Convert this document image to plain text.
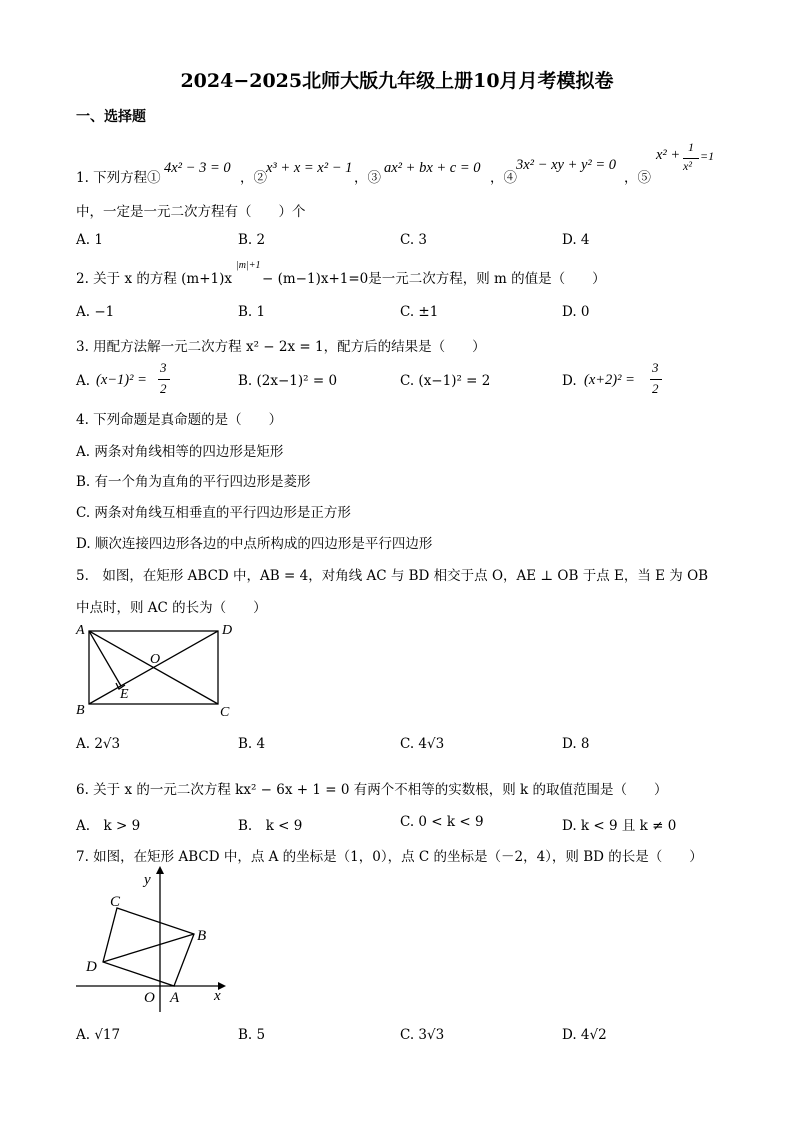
2024−2025北师大版九年级上册10月月考模拟卷
一、选择题
1. 下列方程①
4x² − 3 = 0
，②
x³ + x = x² − 1
，③
ax² + bx + c = 0
，④
3x² − xy + y² = 0
，⑤
x² + 1
x²
=1
中，一定是一元二次方程有（　　）个
A. 1	B. 2	C. 3	D. 4
2. 关于 x 的方程 (m+1)x
|m|+1
− (m−1)x+1=0是一元二次方程，则 m 的值是（　　）
A. −1	B. 1	C. ±1	D. 0
3. 用配方法解一元二次方程 x² − 2x = 1，配方后的结果是（　　）
A. (x−1)² =
3
2	B. (2x−1)² = 0	C. (x−1)² = 2	D. (x+2)² =
3
2
4. 下列命题是真命题的是（　　）
A. 两条对角线相等的四边形是矩形
B. 有一个角为直角的平行四边形是菱形
C. 两条对角线互相垂直的平行四边形是正方形
D. 顺次连接四边形各边的中点所构成的四边形是平行四边形
5.　如图，在矩形 ABCD 中，AB = 4，对角线 AC 与 BD 相交于点 O，AE ⊥ OB 于点 E，当 E 为 OB
中点时，则 AC 的长为（　　）
A	D
B	C
O
E
A. 2√3	B. 4	C. 4√3	D. 8
6. 关于 x 的一元二次方程 kx² − 6x + 1 = 0 有两个不相等的实数根，则 k 的取值范围是（　　）
A.　k > 9	B.　k < 9	C. 0 < k < 9	D. k < 9 且 k ≠ 0
7. 如图，在矩形 ABCD 中，点 A 的坐标是（1，0），点 C 的坐标是（－2，4），则 BD 的长是（　　）
y
x
C
B
D
O A
A. √17	B. 5	C. 3√3	D. 4√2
